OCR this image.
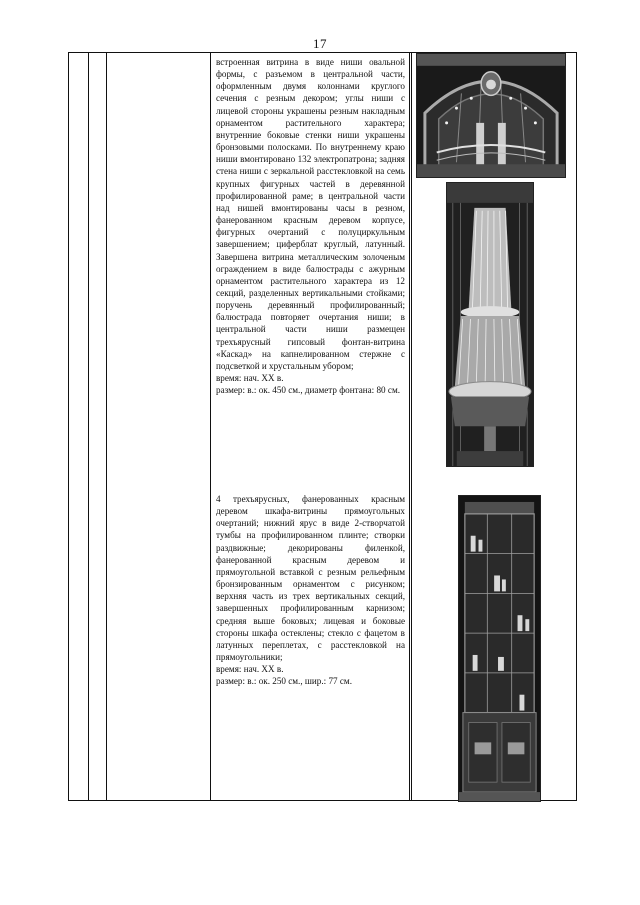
17

встроенная витрина в виде ниши овальной формы, с разъемом в центральной части, оформленным двумя колоннами круглого сечения с резным декором; углы ниши с лицевой стороны украшены резным накладным орнаментом растительного характера; внутренние боковые стенки ниши украшены бронзовыми полосками. По внутреннему краю ниши вмонтировано 132 электропатрона; задняя стена ниши с зеркальной расстекловкой на семь крупных фигурных частей в деревянной профилированной раме; в центральной части над нишей вмонтированы часы в резном, фанерованном красным деревом корпусе, фигурных очертаний с полуциркульным завершением; циферблат круглый, латунный. Завершена витрина металлическим золоченым ограждением в виде балюстрады с ажурным орнаментом растительного характера из 12 секций, разделенных вертикальными стойками; поручень деревянный профилированный; балюстрада повторяет очертания ниши; в центральной части ниши размещен трехъярусный гипсовый фонтан-витрина «Каскад» на капнелированном стержне с подсветкой и хрустальным убором;

время: нач. XX в.
размер: в.: ок. 450 см., диаметр фонтана: 80 см.

4 трехъярусных, фанерованных красным деревом шкафа-витрины прямоугольных очертаний; нижний ярус в виде 2-створчатой тумбы на профилированном плинте; створки раздвижные; декорированы филенкой, фанерованной красным деревом и прямоугольной вставкой с резным рельефным бронзированным орнаментом с рисунком; верхняя часть из трех вертикальных секций, завершенных профилированным карнизом; средняя выше боковых; лицевая и боковые стороны шкафа остеклены; стекло с фацетом в латунных переплетах, с расстекловкой на прямоугольники;

время: нач. XX в.
размер: в.: ок. 250 см., шир.: 77 см.
